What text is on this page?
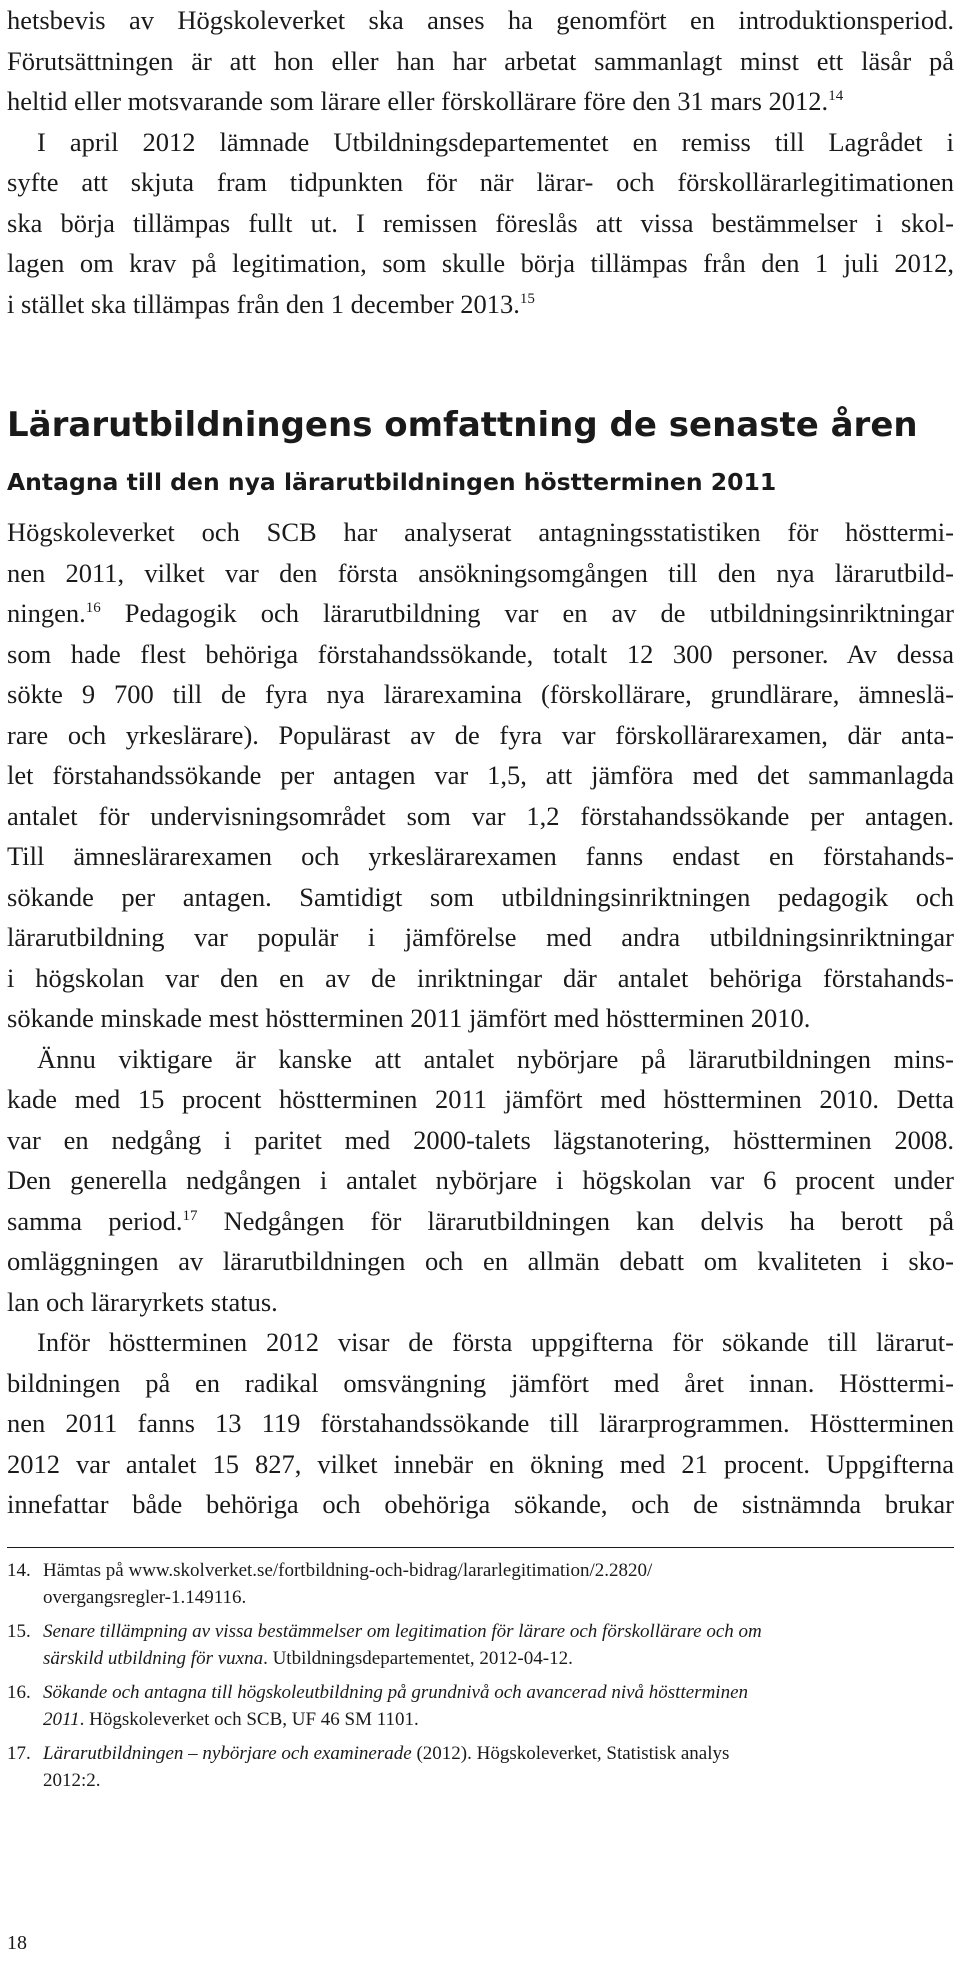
hetsbevis av Högskoleverket ska anses ha genomfört en introduktionsperiod.
Förutsättningen är att hon eller han har arbetat sammanlagt minst ett läsår på
heltid eller motsvarande som lärare eller förskollärare före den 31 mars 2012.14
I april 2012 lämnade Utbildningsdepartementet en remiss till Lagrådet i
syfte att skjuta fram tidpunkten för när lärar- och förskollärarlegitimationen
ska börja tillämpas fullt ut. I remissen föreslås att vissa bestämmelser i skol-
lagen om krav på legitimation, som skulle börja tillämpas från den 1 juli 2012,
i stället ska tillämpas från den 1 december 2013.15
Lärarutbildningens omfattning de senaste åren
Antagna till den nya lärarutbildningen höstterminen 2011
Högskoleverket och SCB har analyserat antagningsstatistiken för hösttermi-
nen 2011, vilket var den första ansökningsomgången till den nya lärarutbild-
ningen.$^{16}$ Pedagogik och lärarutbildning var en av de utbildningsinriktningar
som hade flest behöriga förstahandssökande, totalt 12 300 personer. Av dessa
sökte 9 700 till de fyra nya lärarexamina (förskollärare, grundlärare, ämneslä-
rare och yrkeslärare). Populärast av de fyra var förskollärarexamen, där anta-
let förstahandssökande per antagen var 1,5, att jämföra med det sammanlagda
antalet för undervisningsområdet som var 1,2 förstahandssökande per antagen.
Till ämneslärarexamen och yrkeslärarexamen fanns endast en förstahands-
sökande per antagen. Samtidigt som utbildningsinriktningen pedagogik och
lärarutbildning var populär i jämförelse med andra utbildningsinriktningar
i högskolan var den en av de inriktningar där antalet behöriga förstahands-
sökande minskade mest höstterminen 2011 jämfört med höstterminen 2010.
Ännu viktigare är kanske att antalet nybörjare på lärarutbildningen mins-
kade med 15 procent höstterminen 2011 jämfört med höstterminen 2010. Detta
var en nedgång i paritet med 2000-talets lägstanotering, höstterminen 2008.
Den generella nedgången i antalet nybörjare i högskolan var 6 procent under
samma period.$^{17}$ Nedgången för lärarutbildningen kan delvis ha berott på
omläggningen av lärarutbildningen och en allmän debatt om kvaliteten i sko-
lan och läraryrkets status.
Inför höstterminen 2012 visar de första uppgifterna för sökande till lärarut-
bildningen på en radikal omsvängning jämfört med året innan. Hösttermi-
nen 2011 fanns 13 119 förstahandssökande till lärarprogrammen. Höstterminen
2012 var antalet 15 827, vilket innebär en ökning med 21 procent. Uppgifterna
innefattar både behöriga och obehöriga sökande, och de sistnämnda brukar
14. Hämtas på www.skolverket.se/fortbildning-och-bidrag/lararlegitimation/2.2820/
overgangsregler-1.149116.
15. Senare tillämpning av vissa bestämmelser om legitimation för lärare och förskollärare och om
särskild utbildning för vuxna. Utbildningsdepartementet, 2012-04-12.
16. Sökande och antagna till högskoleutbildning på grundnivå och avancerad nivå höstterminen
2011. Högskoleverket och SCB, UF 46 SM 1101.
17. Lärarutbildningen – nybörjare och examinerade (2012). Högskoleverket, Statistisk analys
2012:2.
18
